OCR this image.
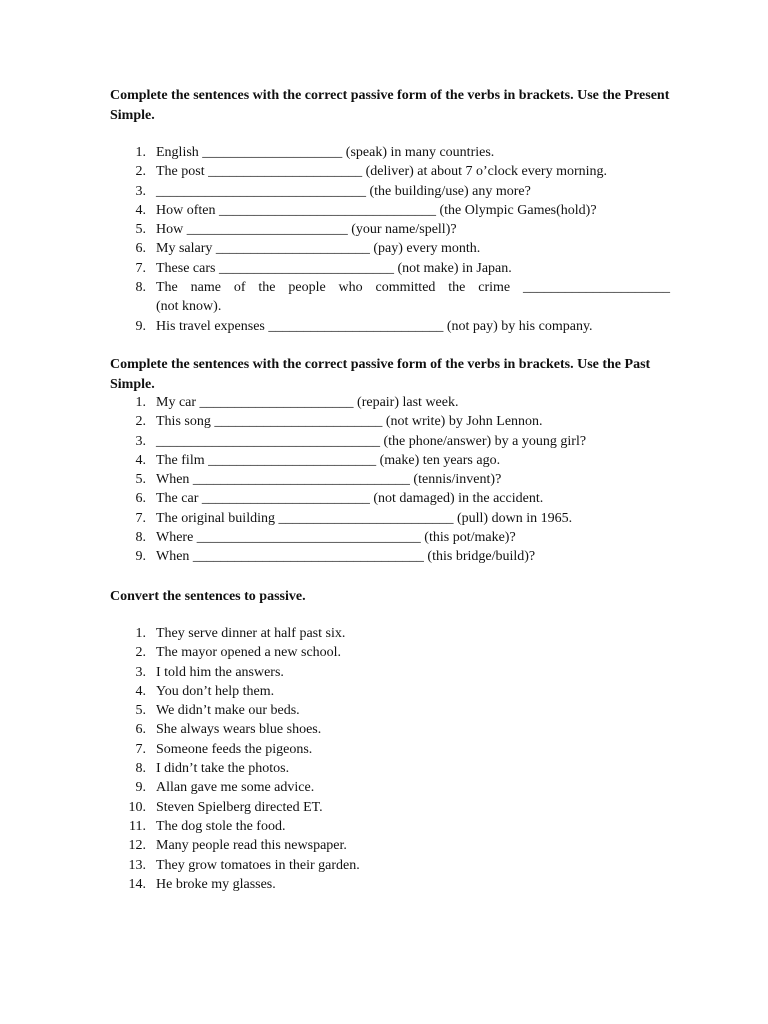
Complete the sentences with the correct passive form of the verbs in brackets. Use the Present Simple.
1. English ____________________ (speak) in many countries.
2. The post ______________________ (deliver) at about 7 o’clock every morning.
3. ______________________________ (the building/use) any more?
4. How often _______________________________ (the Olympic Games(hold)?
5. How _______________________ (your name/spell)?
6. My salary ______________________ (pay) every month.
7. These cars _________________________ (not make) in Japan.
8. The name of the people who committed the crime _____________________
(not know).
9. His travel expenses _________________________ (not pay) by his company.
Complete the sentences with the correct passive form of the verbs in brackets. Use the Past Simple.
1. My car ______________________ (repair) last week.
2. This song ________________________ (not write) by John Lennon.
3. ________________________________ (the phone/answer) by a young girl?
4. The film ________________________ (make) ten years ago.
5. When _______________________________ (tennis/invent)?
6. The car ________________________ (not damaged) in the accident.
7. The original building _________________________ (pull) down in 1965.
8. Where ________________________________ (this pot/make)?
9. When _________________________________ (this bridge/build)?
Convert the sentences to passive.
1. They serve dinner at half past six.
2. The mayor opened a new school.
3. I told him the answers.
4. You don’t help them.
5. We didn’t make our beds.
6. She always wears blue shoes.
7. Someone feeds the pigeons.
8. I didn’t take the photos.
9. Allan gave me some advice.
10. Steven Spielberg directed ET.
11. The dog stole the food.
12. Many people read this newspaper.
13. They grow tomatoes in their garden.
14. He broke my glasses.
